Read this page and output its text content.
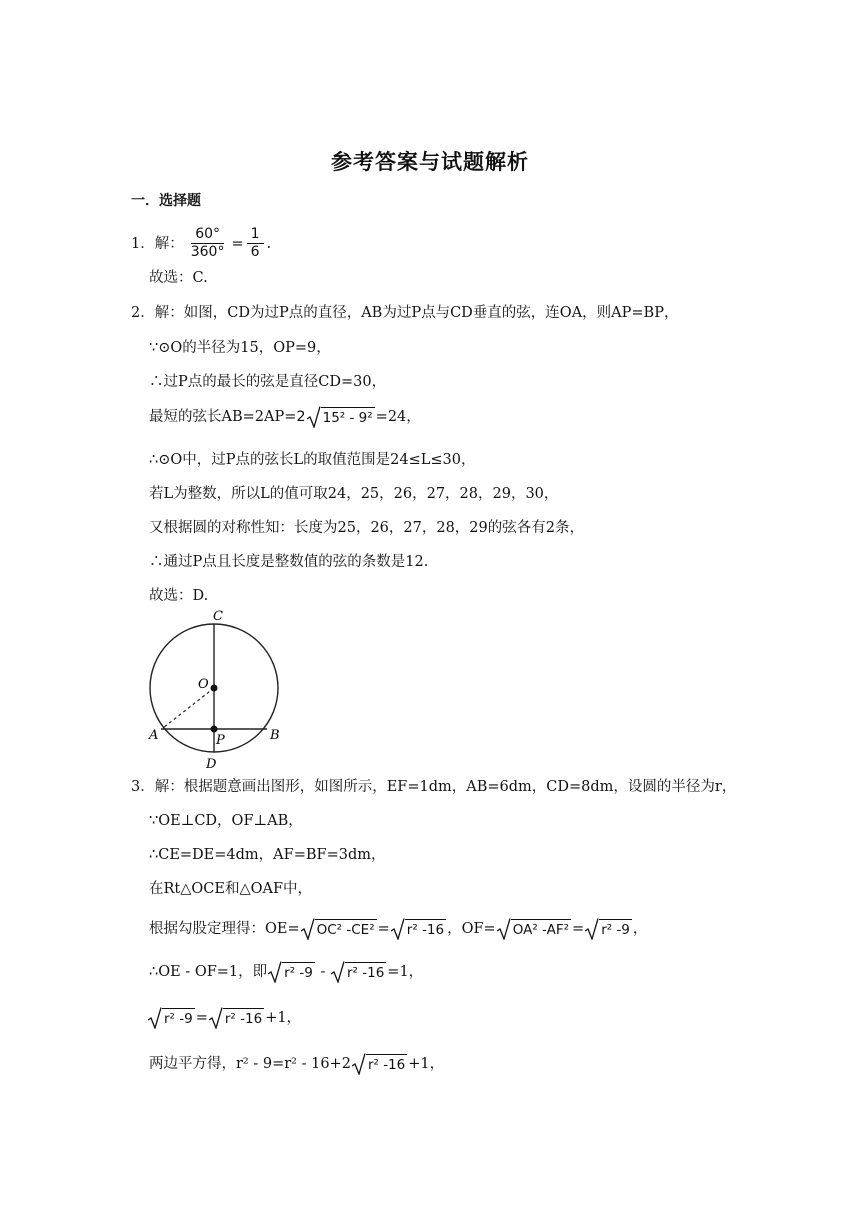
参考答案与试题解析
一．选择题
1．解： $\frac{60^\circ}{360^\circ} = \frac{1}{6}$ .
故选：C.
2．解：如图，CD为过P点的直径，AB为过P点与CD垂直的弦，连OA，则AP=BP，
∵⊙O的半径为15，OP=9，
∴过P点的最长的弦是直径CD=30，
最短的弦长AB=2AP= 2 15² - 9² =24，
∴⊙O中，过P点的弦长L的取值范围是24≤L≤30，
若L为整数，所以L的值可取24，25，26，27，28，29，30，
又根据圆的对称性知：长度为25，26，27，28，29的弦各有2条，
∴通过P点且长度是整数值的弦的条数是12.
故选：D.
C
O
A	P	B
D
3．解：根据题意画出图形，如图所示，EF=1dm，AB=6dm，CD=8dm，设圆的半径为r，
∵OE⊥CD，OF⊥AB，
∴CE=DE=4dm，AF=BF=3dm，
在Rt△OCE和△OAF中，
根据勾股定理得：OE= OC² -CE² = r² -16 ，OF= OA² -AF² = r² -9 ，
∴OE - OF=1，即 r² -9 - r² -16 =1，
r² -9 = r² -16 +1，
两边平方得，r² - 9=r² - 16+2 r² -16 +1，
